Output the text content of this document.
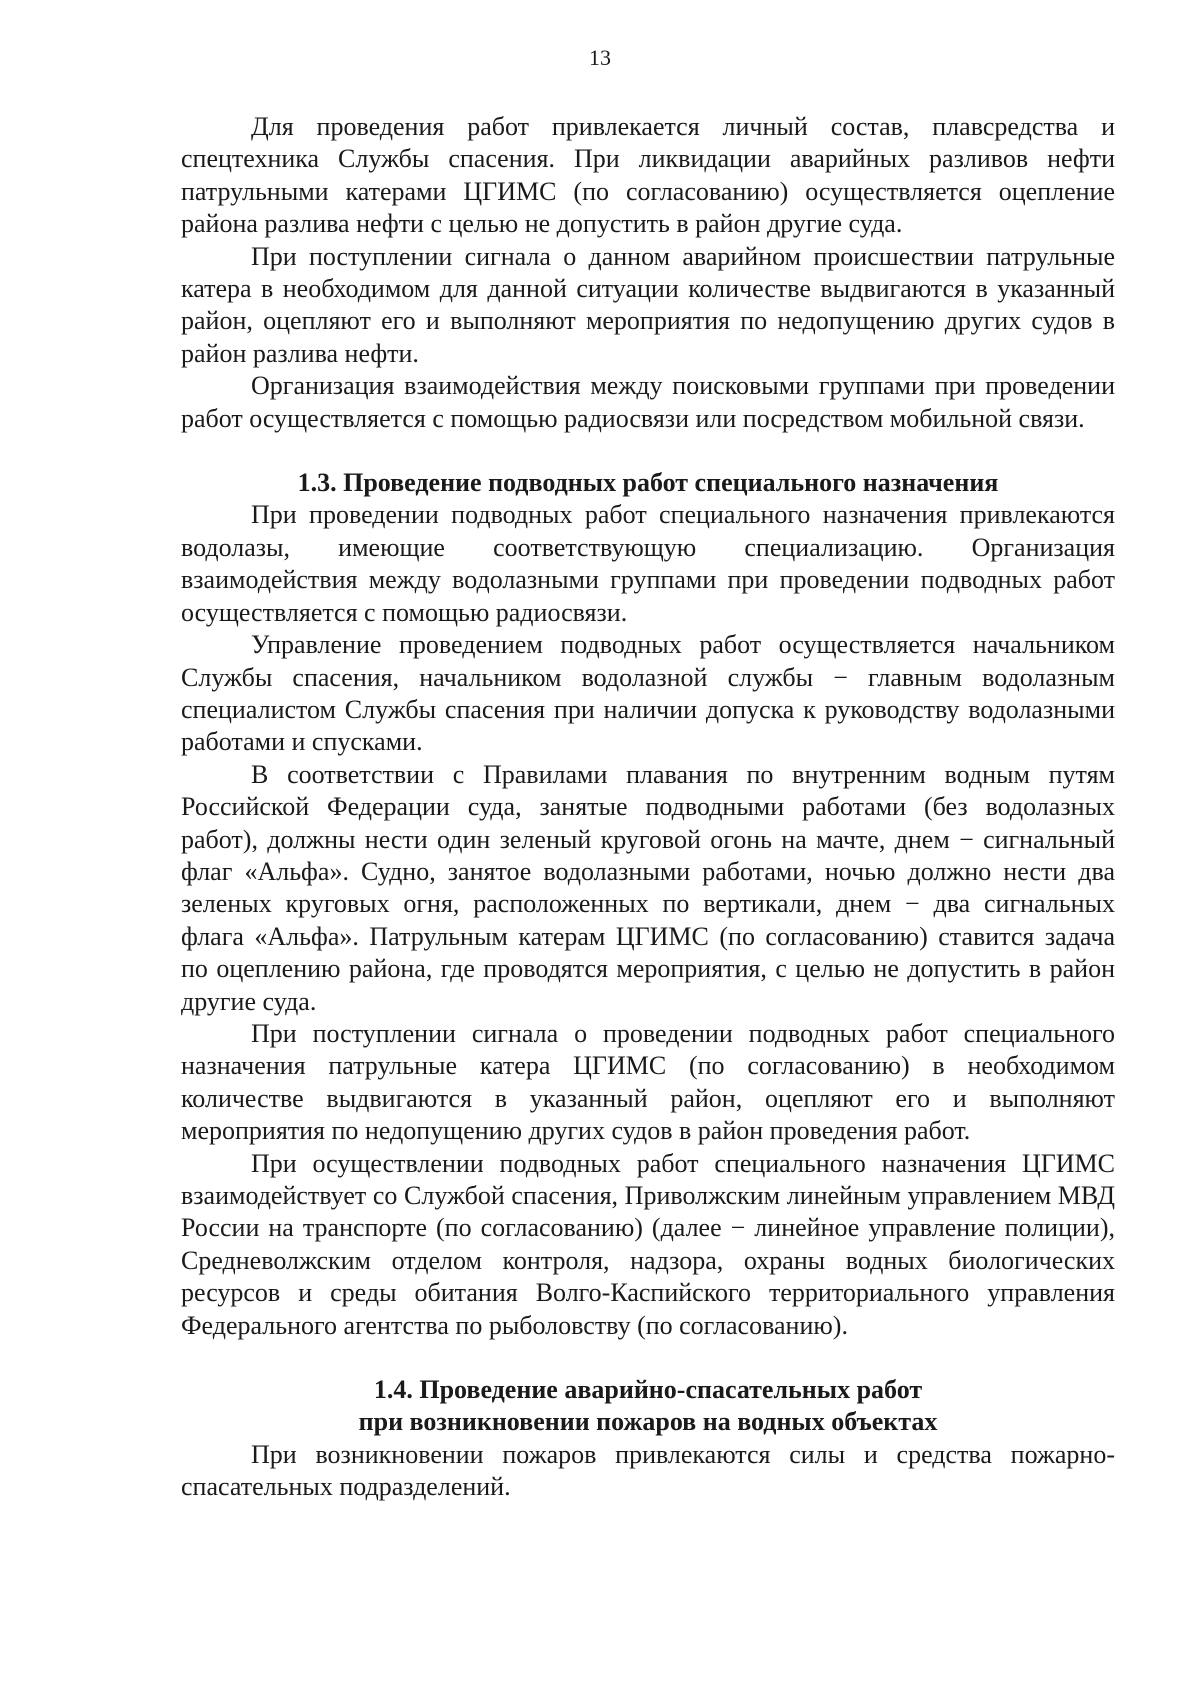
13

Для проведения работ привлекается личный состав, плавсредства и спецтехника Службы спасения. При ликвидации аварийных разливов нефти патрульными катерами ЦГИМС (по согласованию) осуществляется оцепление района разлива нефти с целью не допустить в район другие суда.

При поступлении сигнала о данном аварийном происшествии патрульные катера в необходимом для данной ситуации количестве выдвигаются в указанный район, оцепляют его и выполняют мероприятия по недопущению других судов в район разлива нефти.

Организация взаимодействия между поисковыми группами при проведении работ осуществляется с помощью радиосвязи или посредством мобильной связи.

1.3. Проведение подводных работ специального назначения

При проведении подводных работ специального назначения привлекаются водолазы, имеющие соответствующую специализацию. Организация взаимодействия между водолазными группами при проведении подводных работ осуществляется с помощью радиосвязи.

Управление проведением подводных работ осуществляется начальником Службы спасения, начальником водолазной службы − главным водолазным специалистом Службы спасения при наличии допуска к руководству водолазными работами и спусками.

В соответствии с Правилами плавания по внутренним водным путям Российской Федерации суда, занятые подводными работами (без водолазных работ), должны нести один зеленый круговой огонь на мачте, днем − сигнальный флаг «Альфа». Судно, занятое водолазными работами, ночью должно нести два зеленых круговых огня, расположенных по вертикали, днем − два сигнальных флага «Альфа». Патрульным катерам ЦГИМС (по согласованию) ставится задача по оцеплению района, где проводятся мероприятия, с целью не допустить в район другие суда.

При поступлении сигнала о проведении подводных работ специального назначения патрульные катера ЦГИМС (по согласованию) в необходимом количестве выдвигаются в указанный район, оцепляют его и выполняют мероприятия по недопущению других судов в район проведения работ.

При осуществлении подводных работ специального назначения ЦГИМС взаимодействует со Службой спасения, Приволжским линейным управлением МВД России на транспорте (по согласованию) (далее − линейное управление полиции), Средневолжским отделом контроля, надзора, охраны водных биологических ресурсов и среды обитания Волго-Каспийского территориального управления Федерального агентства по рыболовству (по согласованию).

1.4. Проведение аварийно-спасательных работ
при возникновении пожаров на водных объектах

При возникновении пожаров привлекаются силы и средства пожарно-спасательных подразделений.
